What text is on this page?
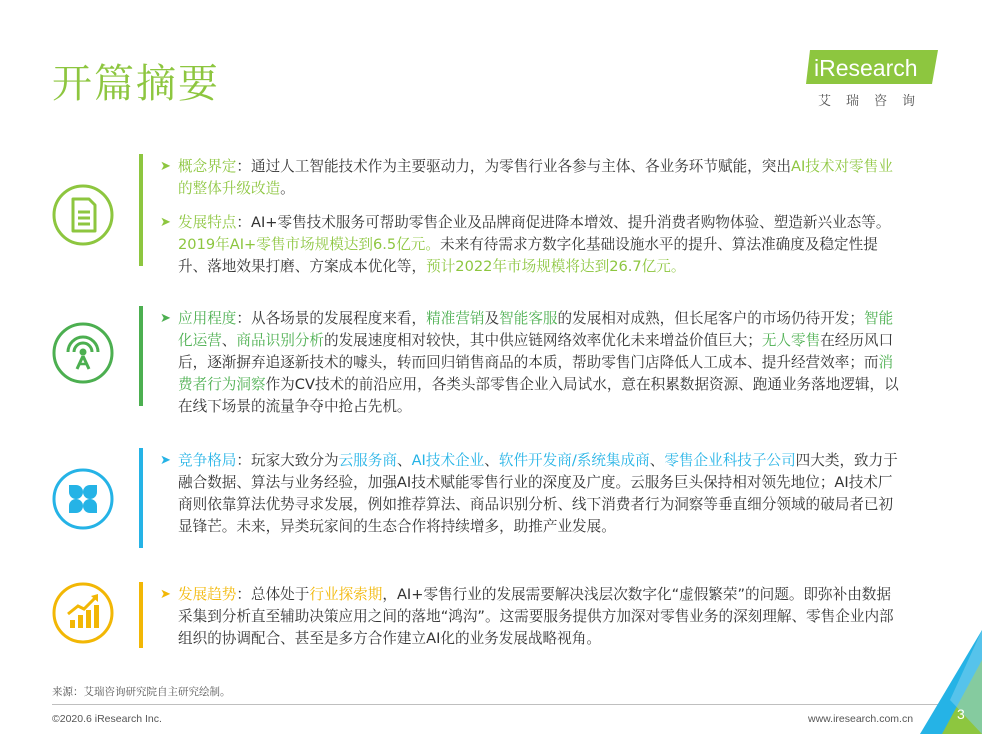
开篇摘要	iResearch
艾瑞咨询
➤ 概念界定：通过人工智能技术作为主要驱动力，为零售行业各参与主体、各业务环节赋能，突出AI技术对零售业的整体升级改造。
➤ 发展特点：AI+零售技术服务可帮助零售企业及品牌商促进降本增效、提升消费者购物体验、塑造新兴业态等。2019年AI+零售市场规模达到6.5亿元。未来有待需求方数字化基础设施水平的提升、算法准确度及稳定性提升、落地效果打磨、方案成本优化等，预计2022年市场规模将达到26.7亿元。
➤ 应用程度：从各场景的发展程度来看，精准营销及智能客服的发展相对成熟，但长尾客户的市场仍待开发；智能化运营、商品识别分析的发展速度相对较快，其中供应链网络效率优化未来增益价值巨大；无人零售在经历风口后，逐渐摒弃追逐新技术的噱头，转而回归销售商品的本质，帮助零售门店降低人工成本、提升经营效率；而消费者行为洞察作为CV技术的前沿应用，各类头部零售企业入局试水，意在积累数据资源、跑通业务落地逻辑，以在线下场景的流量争夺中抢占先机。
➤ 竞争格局：玩家大致分为云服务商、AI技术企业、软件开发商/系统集成商、零售企业科技子公司四大类，致力于融合数据、算法与业务经验，加强AI技术赋能零售行业的深度及广度。云服务巨头保持相对领先地位；AI技术厂商则依靠算法优势寻求发展，例如推荐算法、商品识别分析、线下消费者行为洞察等垂直细分领域的破局者已初显锋芒。未来，异类玩家间的生态合作将持续增多，助推产业发展。
➤ 发展趋势：总体处于行业探索期，AI+零售行业的发展需要解决浅层次数字化“虚假繁荣”的问题。即弥补由数据采集到分析直至辅助决策应用之间的落地“鸿沟”。这需要服务提供方加深对零售业务的深刻理解、零售企业内部组织的协调配合、甚至是多方合作建立AI化的业务发展战略视角。
来源：艾瑞咨询研究院自主研究绘制。
©2020.6 iResearch Inc.	www.iresearch.com.cn	3
